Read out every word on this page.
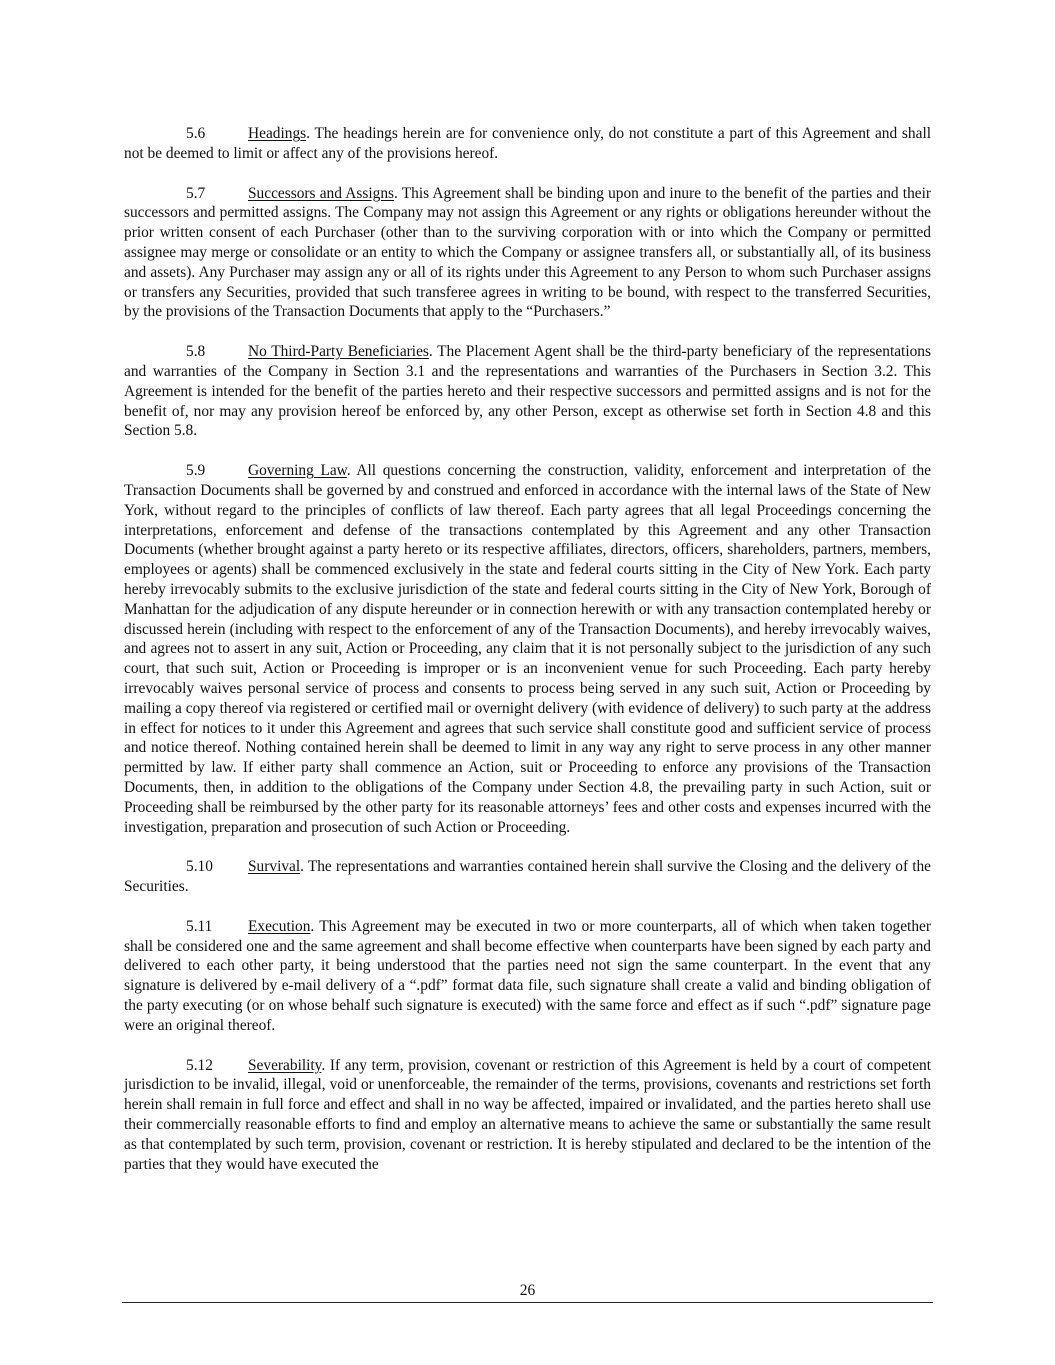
5.6	Headings. The headings herein are for convenience only, do not constitute a part of this Agreement and shall not be deemed to limit or affect any of the provisions hereof.

5.7	Successors and Assigns. This Agreement shall be binding upon and inure to the benefit of the parties and their successors and permitted assigns. The Company may not assign this Agreement or any rights or obligations hereunder without the prior written consent of each Purchaser (other than to the surviving corporation with or into which the Company or permitted assignee may merge or consolidate or an entity to which the Company or assignee transfers all, or substantially all, of its business and assets). Any Purchaser may assign any or all of its rights under this Agreement to any Person to whom such Purchaser assigns or transfers any Securities, provided that such transferee agrees in writing to be bound, with respect to the transferred Securities, by the provisions of the Transaction Documents that apply to the “Purchasers.”

5.8	No Third-Party Beneficiaries. The Placement Agent shall be the third-party beneficiary of the representations and warranties of the Company in Section 3.1 and the representations and warranties of the Purchasers in Section 3.2. This Agreement is intended for the benefit of the parties hereto and their respective successors and permitted assigns and is not for the benefit of, nor may any provision hereof be enforced by, any other Person, except as otherwise set forth in Section 4.8 and this Section 5.8.

5.9	Governing Law. All questions concerning the construction, validity, enforcement and interpretation of the Transaction Documents shall be governed by and construed and enforced in accordance with the internal laws of the State of New York, without regard to the principles of conflicts of law thereof. Each party agrees that all legal Proceedings concerning the interpretations, enforcement and defense of the transactions contemplated by this Agreement and any other Transaction Documents (whether brought against a party hereto or its respective affiliates, directors, officers, shareholders, partners, members, employees or agents) shall be commenced exclusively in the state and federal courts sitting in the City of New York. Each party hereby irrevocably submits to the exclusive jurisdiction of the state and federal courts sitting in the City of New York, Borough of Manhattan for the adjudication of any dispute hereunder or in connection herewith or with any transaction contemplated hereby or discussed herein (including with respect to the enforcement of any of the Transaction Documents), and hereby irrevocably waives, and agrees not to assert in any suit, Action or Proceeding, any claim that it is not personally subject to the jurisdiction of any such court, that such suit, Action or Proceeding is improper or is an inconvenient venue for such Proceeding. Each party hereby irrevocably waives personal service of process and consents to process being served in any such suit, Action or Proceeding by mailing a copy thereof via registered or certified mail or overnight delivery (with evidence of delivery) to such party at the address in effect for notices to it under this Agreement and agrees that such service shall constitute good and sufficient service of process and notice thereof. Nothing contained herein shall be deemed to limit in any way any right to serve process in any other manner permitted by law. If either party shall commence an Action, suit or Proceeding to enforce any provisions of the Transaction Documents, then, in addition to the obligations of the Company under Section 4.8, the prevailing party in such Action, suit or Proceeding shall be reimbursed by the other party for its reasonable attorneys’ fees and other costs and expenses incurred with the investigation, preparation and prosecution of such Action or Proceeding.

5.10 Survival. The representations and warranties contained herein shall survive the Closing and the delivery of the Securities.

5.11 Execution. This Agreement may be executed in two or more counterparts, all of which when taken together shall be considered one and the same agreement and shall become effective when counterparts have been signed by each party and delivered to each other party, it being understood that the parties need not sign the same counterpart. In the event that any signature is delivered by e-mail delivery of a “.pdf” format data file, such signature shall create a valid and binding obligation of the party executing (or on whose behalf such signature is executed) with the same force and effect as if such “.pdf” signature page were an original thereof.

5.12 Severability. If any term, provision, covenant or restriction of this Agreement is held by a court of competent jurisdiction to be invalid, illegal, void or unenforceable, the remainder of the terms, provisions, covenants and restrictions set forth herein shall remain in full force and effect and shall in no way be affected, impaired or invalidated, and the parties hereto shall use their commercially reasonable efforts to find and employ an alternative means to achieve the same or substantially the same result as that contemplated by such term, provision, covenant or restriction. It is hereby stipulated and declared to be the intention of the parties that they would have executed the

26
